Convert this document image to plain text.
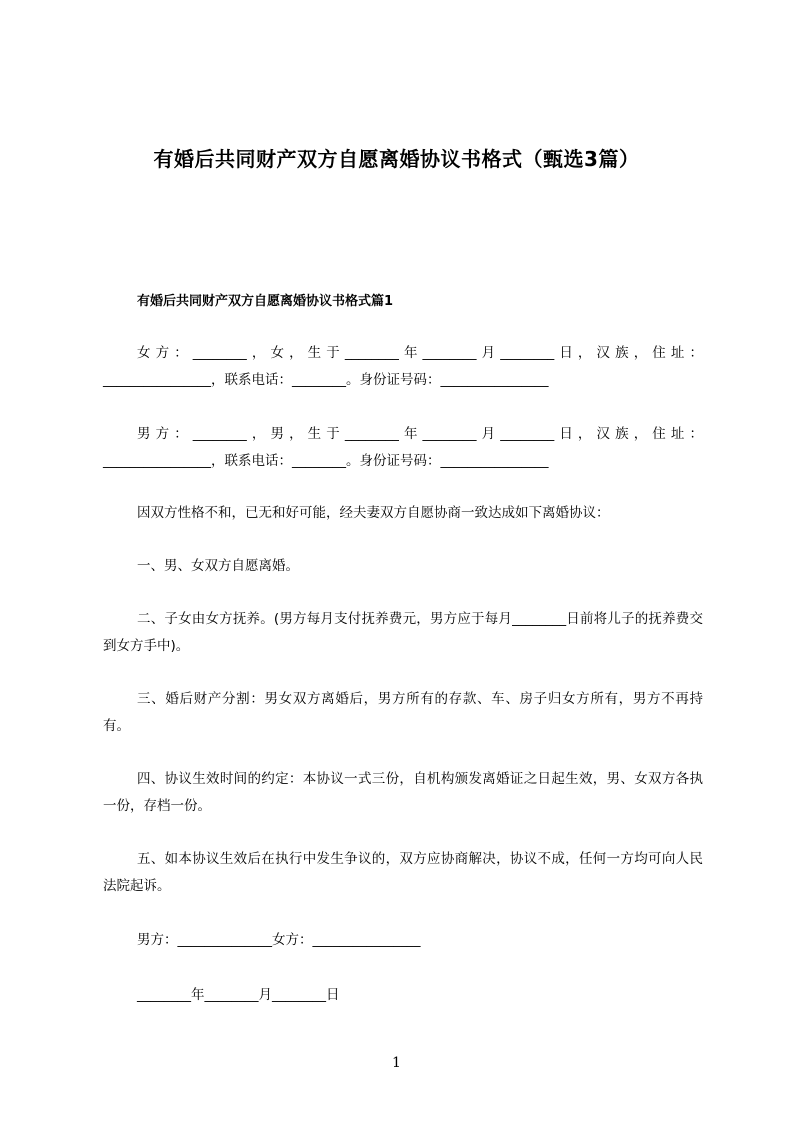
有婚后共同财产双方自愿离婚协议书格式（甄选3篇）
有婚后共同财产双方自愿离婚协议书格式篇1

女方：________，女，生于________年________月________日，汉族，住址：________________，联系电话：________。身份证号码：________________

男方：________，男，生于________年________月________日，汉族，住址：________________，联系电话：________。身份证号码：________________

因双方性格不和，已无和好可能，经夫妻双方自愿协商一致达成如下离婚协议：

一、男、女双方自愿离婚。

二、子女由女方抚养。(男方每月支付抚养费元，男方应于每月________日前将儿子的抚养费交到女方手中)。

三、婚后财产分割：男女双方离婚后，男方所有的存款、车、房子归女方所有，男方不再持有。

四、协议生效时间的约定：本协议一式三份，自机构颁发离婚证之日起生效，男、女双方各执一份，存档一份。

五、如本协议生效后在执行中发生争议的，双方应协商解决，协议不成，任何一方均可向人民法院起诉。

男方：______________女方：________________

________年________月________日

1
